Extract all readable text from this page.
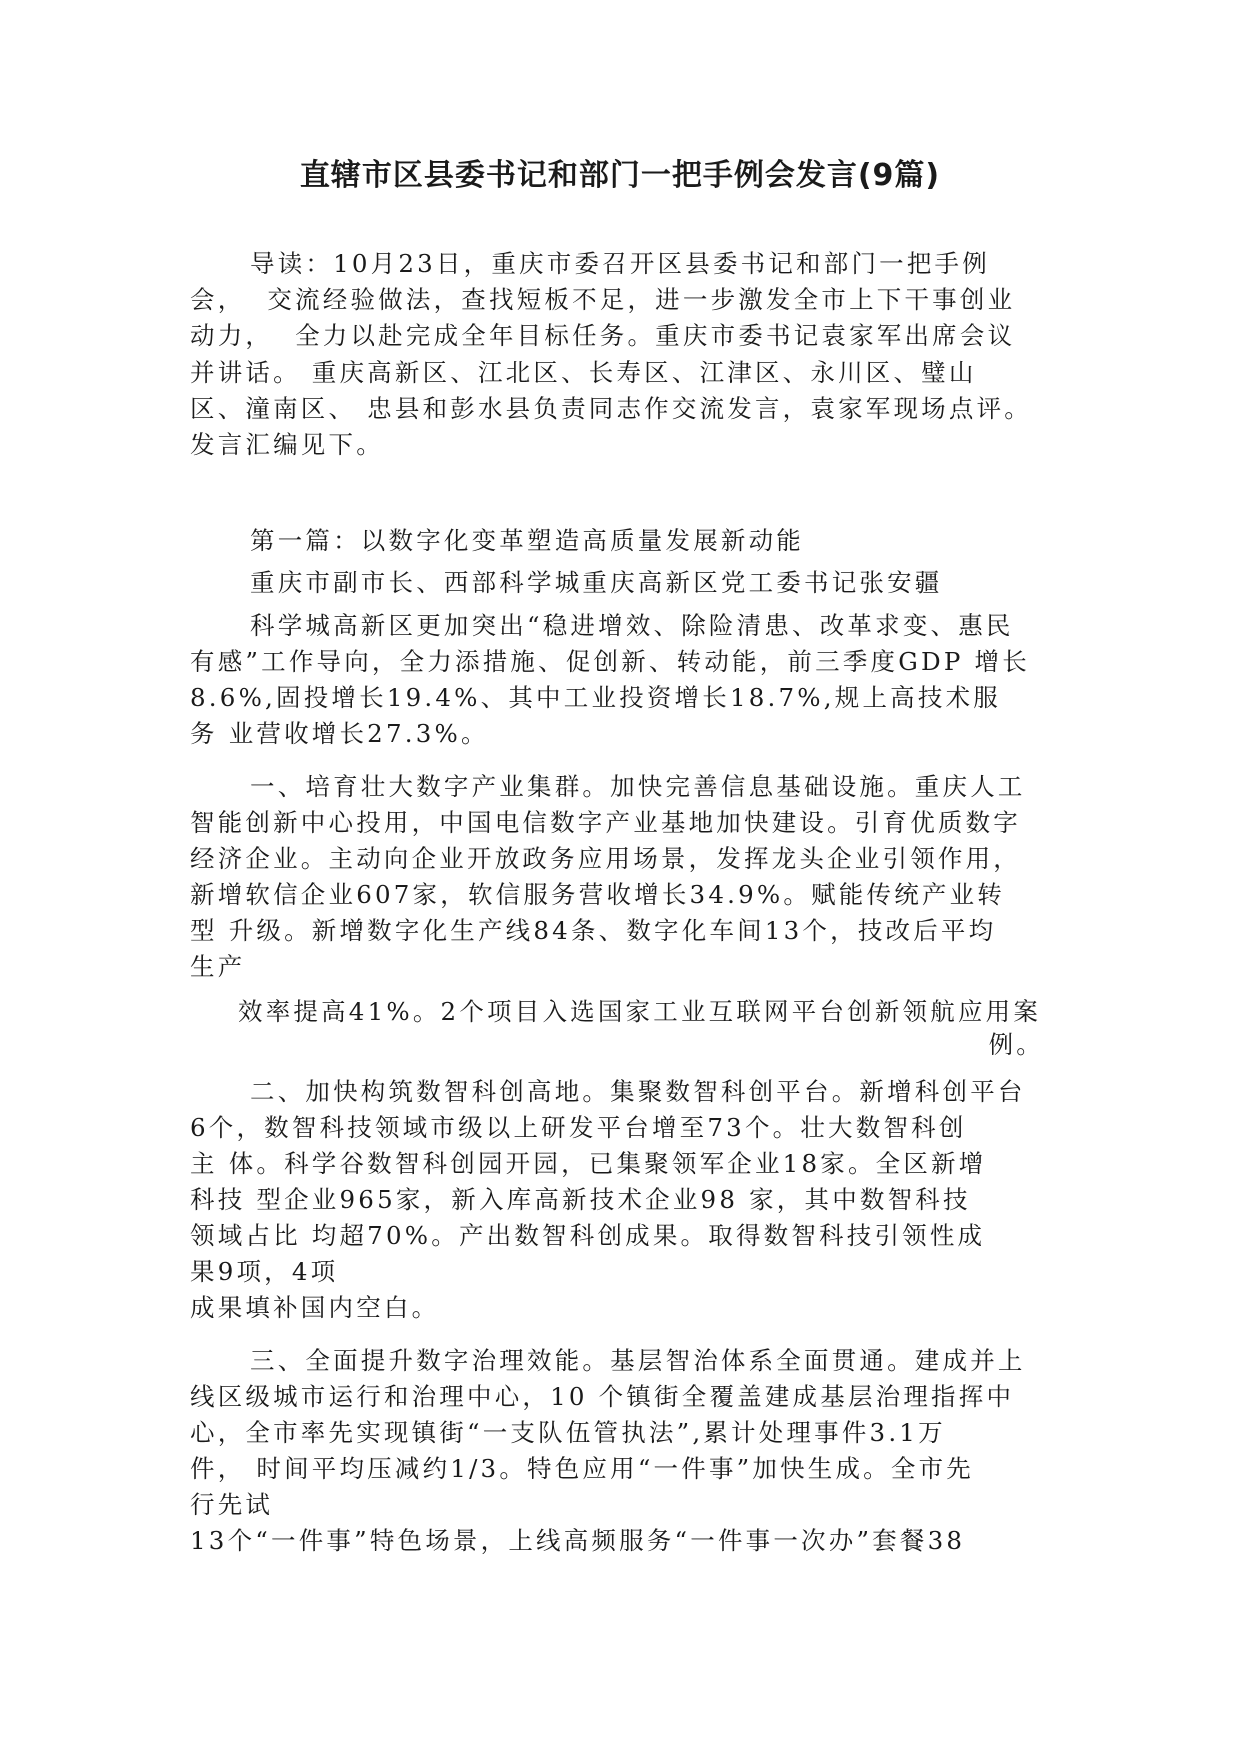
直辖市区县委书记和部门一把手例会发言(9篇)

导读：10月23日，重庆市委召开区县委书记和部门一把手例

会，  交流经验做法，查找短板不足，进一步激发全市上下干事创业

动力，  全力以赴完成全年目标任务。重庆市委书记袁家军出席会议

并讲话。 重庆高新区、江北区、长寿区、江津区、永川区、璧山

区、潼南区、 忠县和彭水县负责同志作交流发言，袁家军现场点评。

发言汇编见下。

第一篇：以数字化变革塑造高质量发展新动能

重庆市副市长、西部科学城重庆高新区党工委书记张安疆

科学城高新区更加突出“稳进增效、除险清患、改革求变、惠民

有感”工作导向，全力添措施、促创新、转动能，前三季度GDP 增长

8.6%,固投增长19.4%、其中工业投资增长18.7%,规上高技术服

务 业营收增长27.3%。

一、培育壮大数字产业集群。加快完善信息基础设施。重庆人工

智能创新中心投用，中国电信数字产业基地加快建设。引育优质数字

经济企业。主动向企业开放政务应用场景，发挥龙头企业引领作用，

新增软信企业607家，软信服务营收增长34.9%。赋能传统产业转

型 升级。新增数字化生产线84条、数字化车间13个，技改后平均

生产

效率提高41%。2个项目入选国家工业互联网平台创新领航应用案

例。

二、加快构筑数智科创高地。集聚数智科创平台。新增科创平台

6个，数智科技领域市级以上研发平台增至73个。壮大数智科创

主 体。科学谷数智科创园开园，已集聚领军企业18家。全区新增

科技 型企业965家，新入库高新技术企业98 家，其中数智科技

领域占比 均超70%。产出数智科创成果。取得数智科技引领性成

果9项，4项

成果填补国内空白。

三、全面提升数字治理效能。基层智治体系全面贯通。建成并上

线区级城市运行和治理中心，10 个镇街全覆盖建成基层治理指挥中

心，全市率先实现镇街“一支队伍管执法”,累计处理事件3.1万

件， 时间平均压减约1/3。特色应用“一件事”加快生成。全市先

行先试

13个“一件事”特色场景，上线高频服务“一件事一次办”套餐38
